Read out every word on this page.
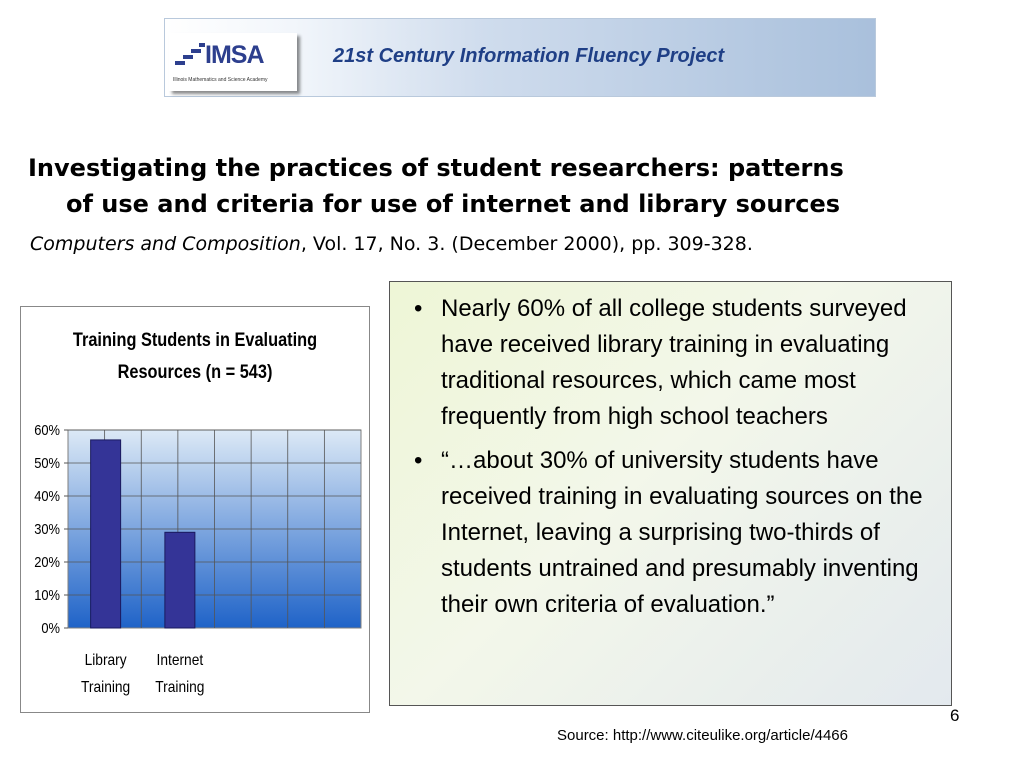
IMSA
Illinois Mathematics and Science Academy
21st Century Information Fluency Project
Investigating the practices of student researchers: patterns
of use and criteria for use of internet and library sources
Computers and Composition, Vol. 17, No. 3. (December 2000), pp. 309-328.
Training Students in Evaluating
Resources (n = 543)
0%
10%
20%
30%
40%
50%
60%
Library
Training
Internet
Training
• Nearly 60% of all college students surveyed have received library training in evaluating traditional resources, which came most frequently from high school teachers
• “…about 30% of university students have received training in evaluating sources on the Internet, leaving a surprising two-thirds of students untrained and presumably inventing their own criteria of evaluation.”
6
Source: http://www.citeulike.org/article/4466
